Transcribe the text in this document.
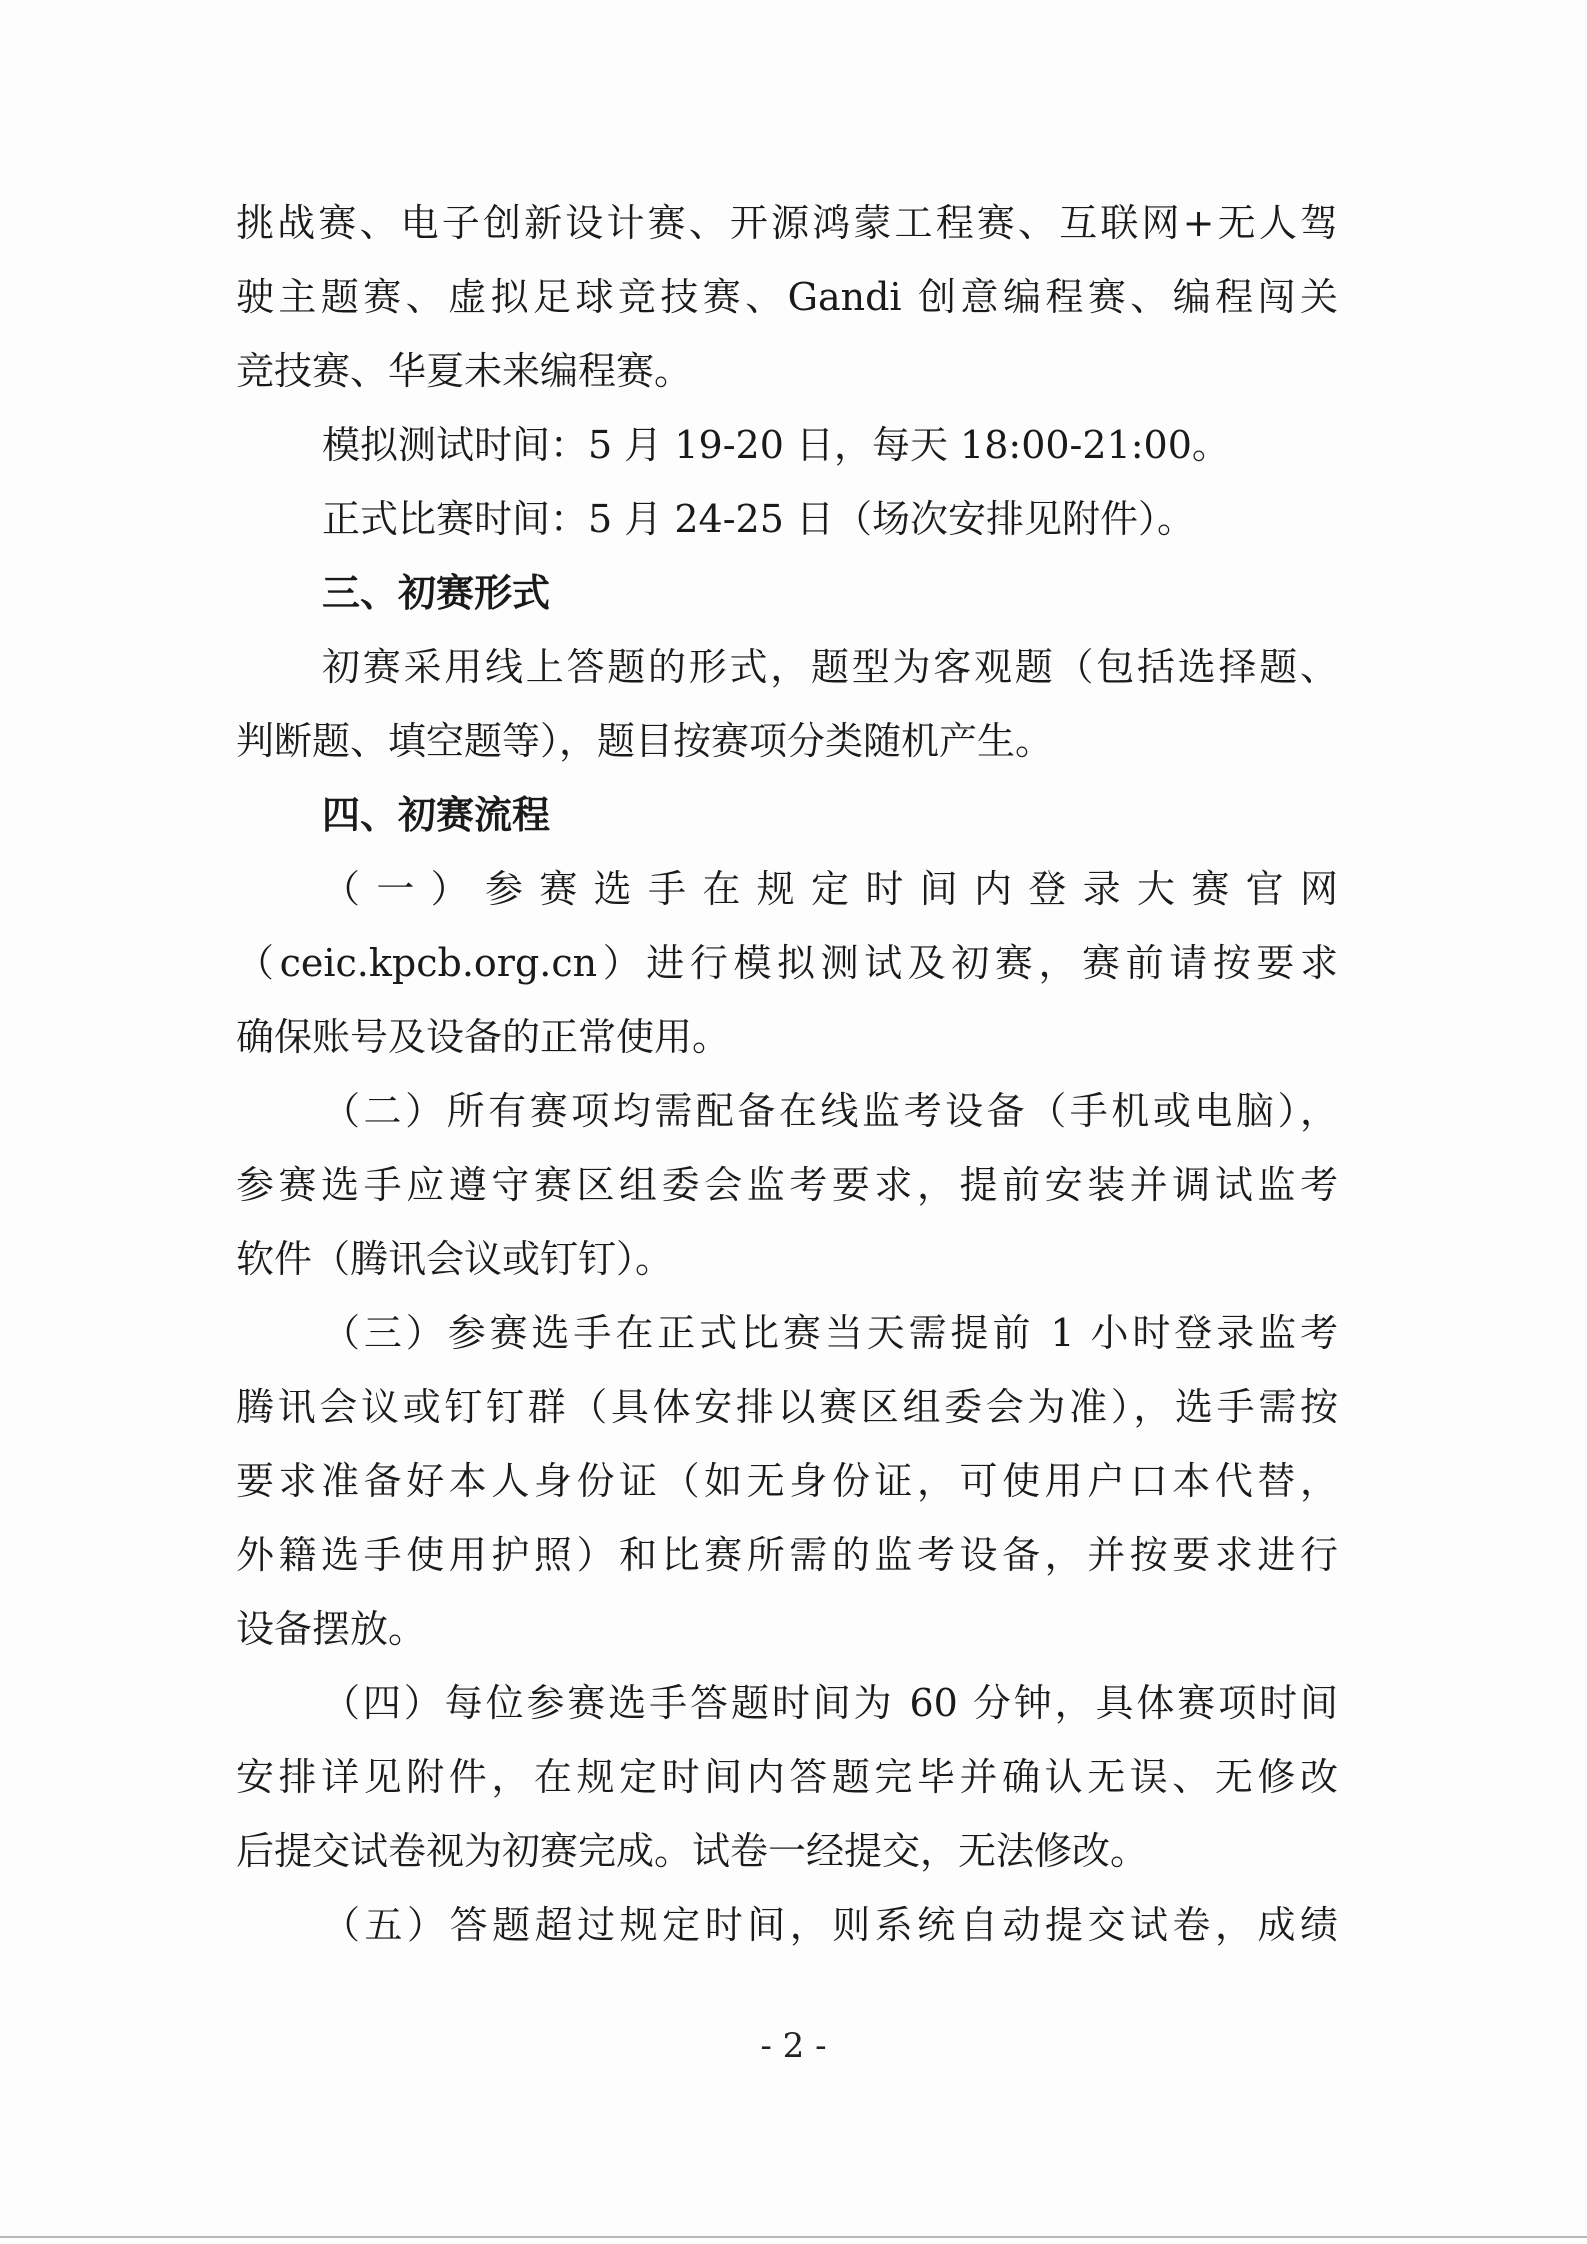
挑战赛、电子创新设计赛、开源鸿蒙工程赛、互联网+无人驾
驶主题赛、虚拟足球竞技赛、Gandi 创意编程赛、编程闯关
竞技赛、华夏未来编程赛。
模拟测试时间：5 月 19-20 日，每天 18:00-21:00。
正式比赛时间：5 月 24-25 日（场次安排见附件）。
三、初赛形式
初赛采用线上答题的形式，题型为客观题（包括选择题、
判断题、填空题等），题目按赛项分类随机产生。
四、初赛流程
（一）参赛选手在规定时间内登录大赛官网
（ceic.kpcb.org.cn）进行模拟测试及初赛，赛前请按要求
确保账号及设备的正常使用。
（二）所有赛项均需配备在线监考设备（手机或电脑），
参赛选手应遵守赛区组委会监考要求，提前安装并调试监考
软件（腾讯会议或钉钉）。
（三）参赛选手在正式比赛当天需提前 1 小时登录监考
腾讯会议或钉钉群（具体安排以赛区组委会为准），选手需按
要求准备好本人身份证（如无身份证，可使用户口本代替，
外籍选手使用护照）和比赛所需的监考设备，并按要求进行
设备摆放。
（四）每位参赛选手答题时间为 60 分钟，具体赛项时间
安排详见附件，在规定时间内答题完毕并确认无误、无修改
后提交试卷视为初赛完成。试卷一经提交，无法修改。
（五）答题超过规定时间，则系统自动提交试卷，成绩
- 2 -
